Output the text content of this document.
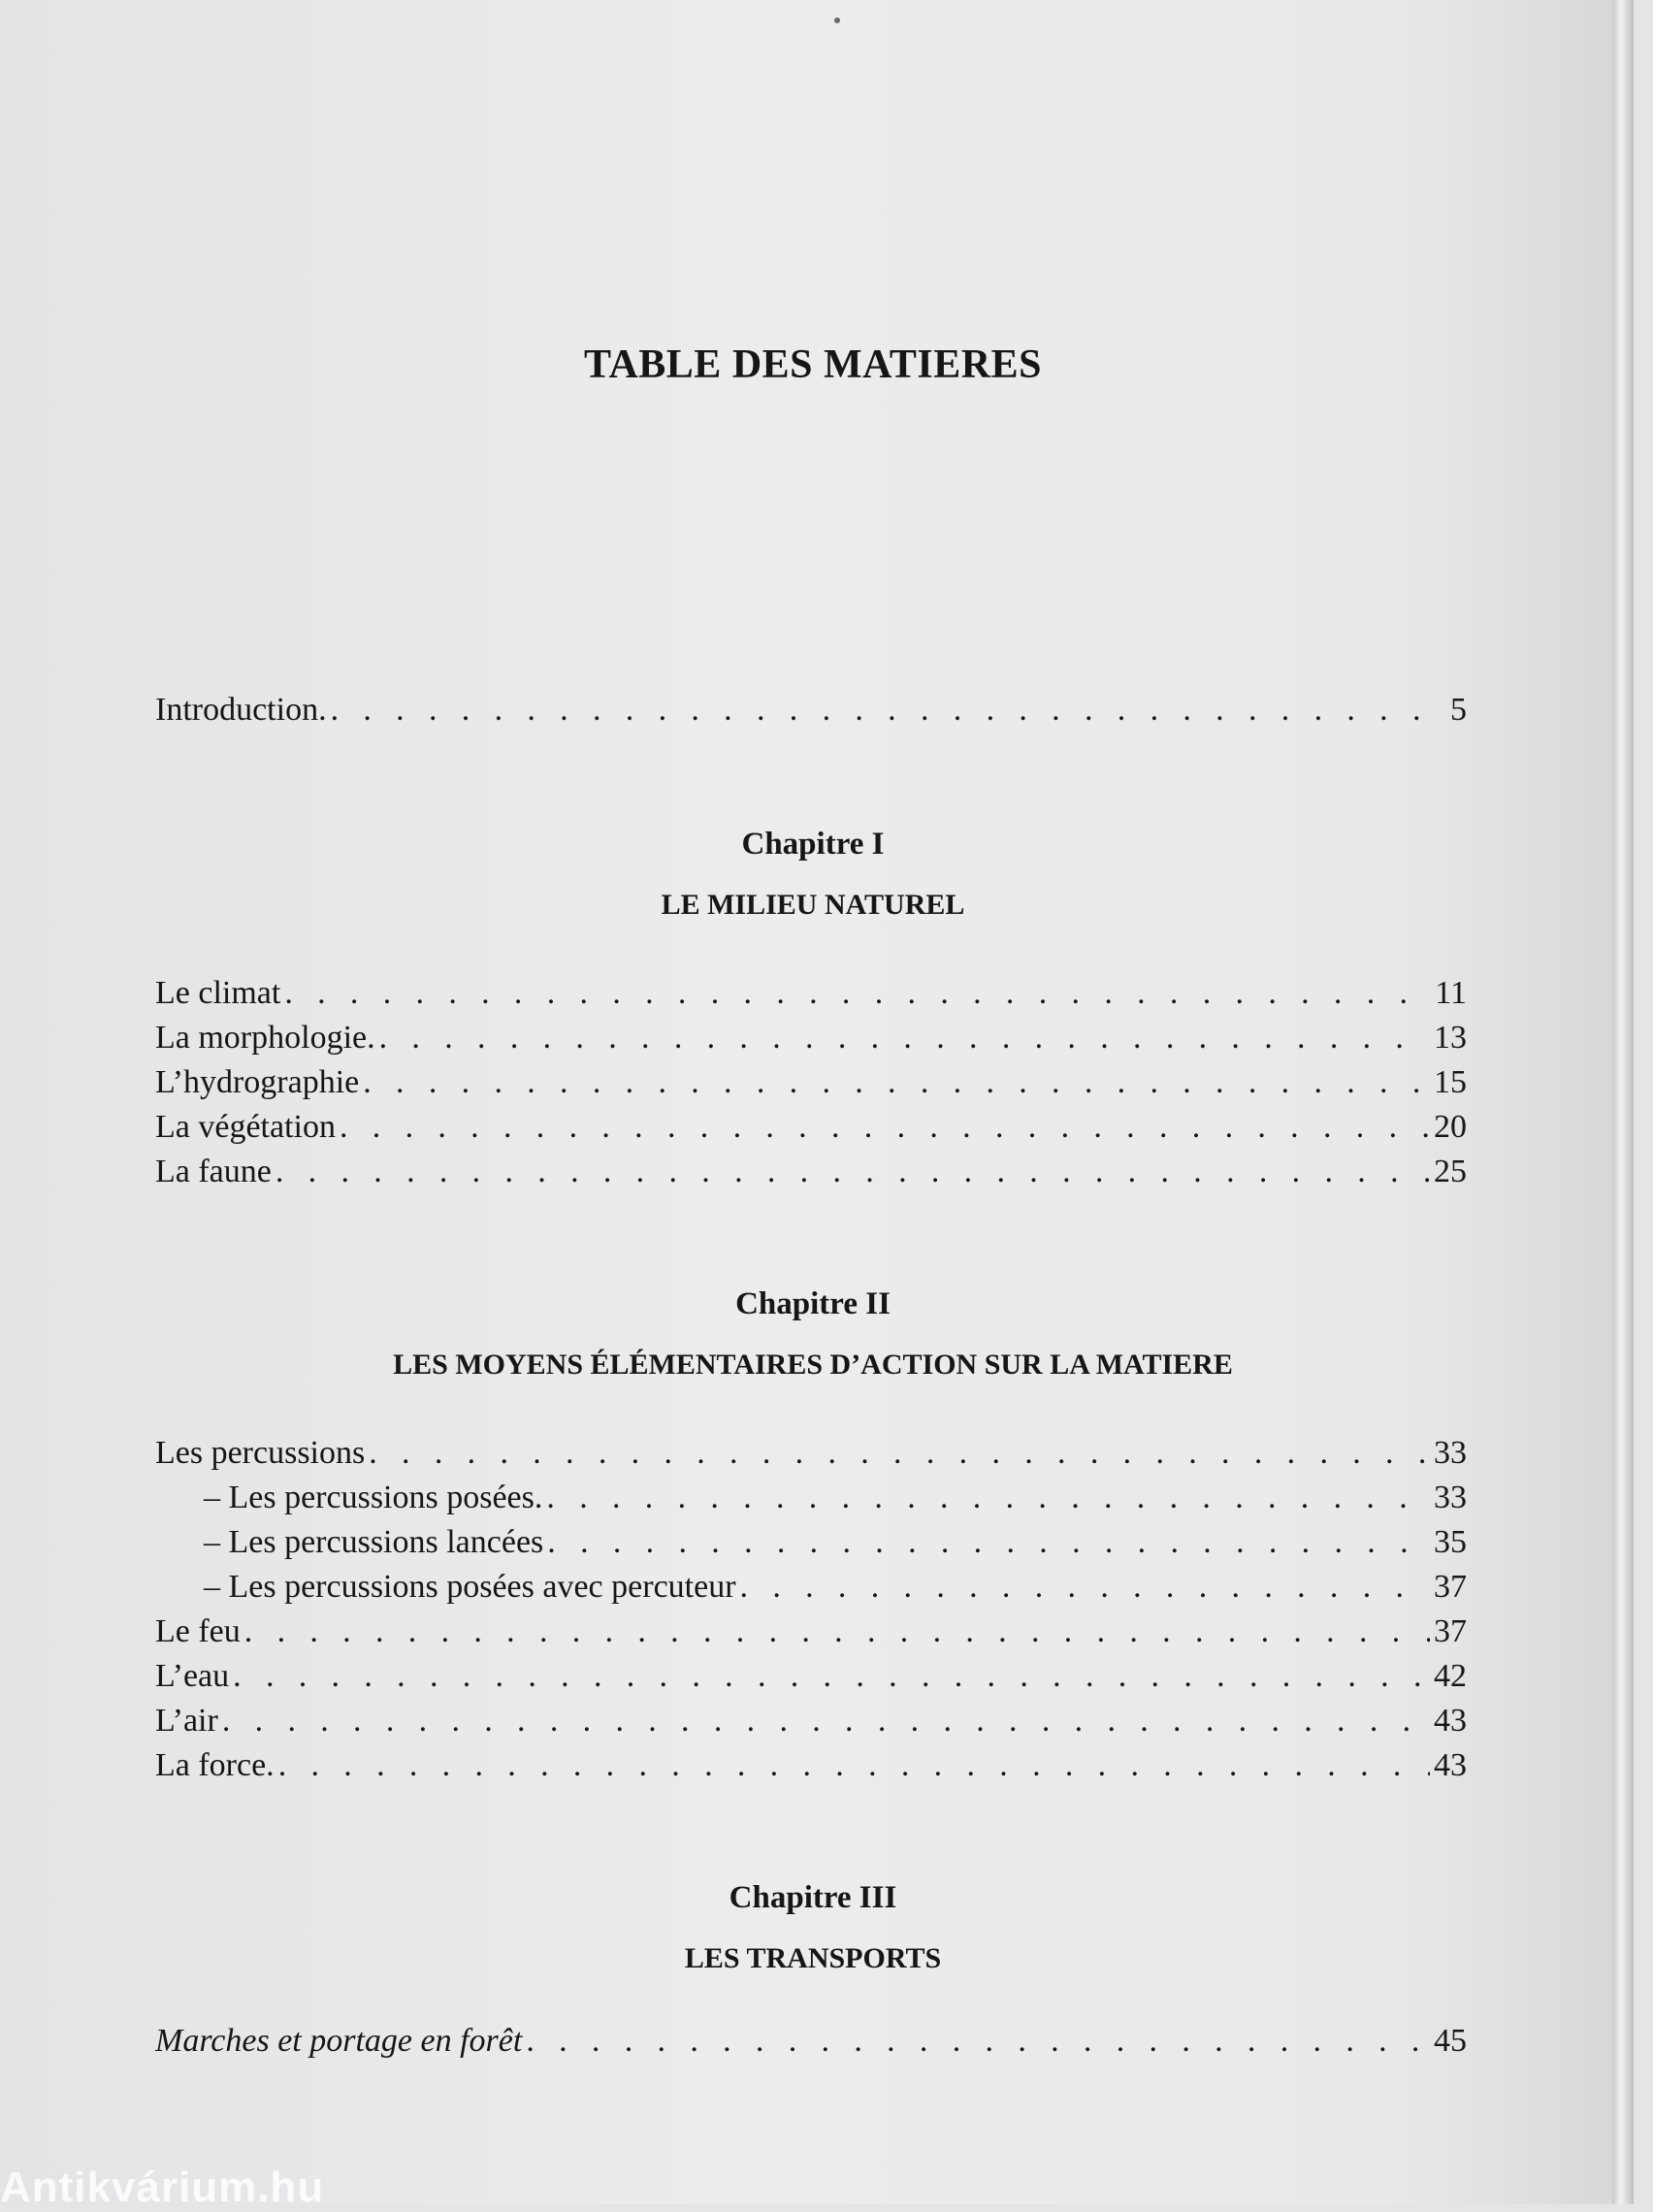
TABLE DES MATIERES
Introduction. . . .	5
Chapitre I
LE MILIEU NATUREL
Le climat . . .	11
La morphologie. . . .	13
L’hydrographie . . .	15
La végétation . . .	20
La faune . . .	25
Chapitre II
LES MOYENS ÉLÉMENTAIRES D’ACTION SUR LA MATIERE
Les percussions . . .	33
– Les percussions posées. . . .	33
– Les percussions lancées . . .	35
– Les percussions posées avec percuteur . . .	37
Le feu . . .	37
L’eau . . .	42
L’air . . .	43
La force. . . .	43
Chapitre III
LES TRANSPORTS
Marches et portage en forêt . . .	45
Antikvárium.hu
